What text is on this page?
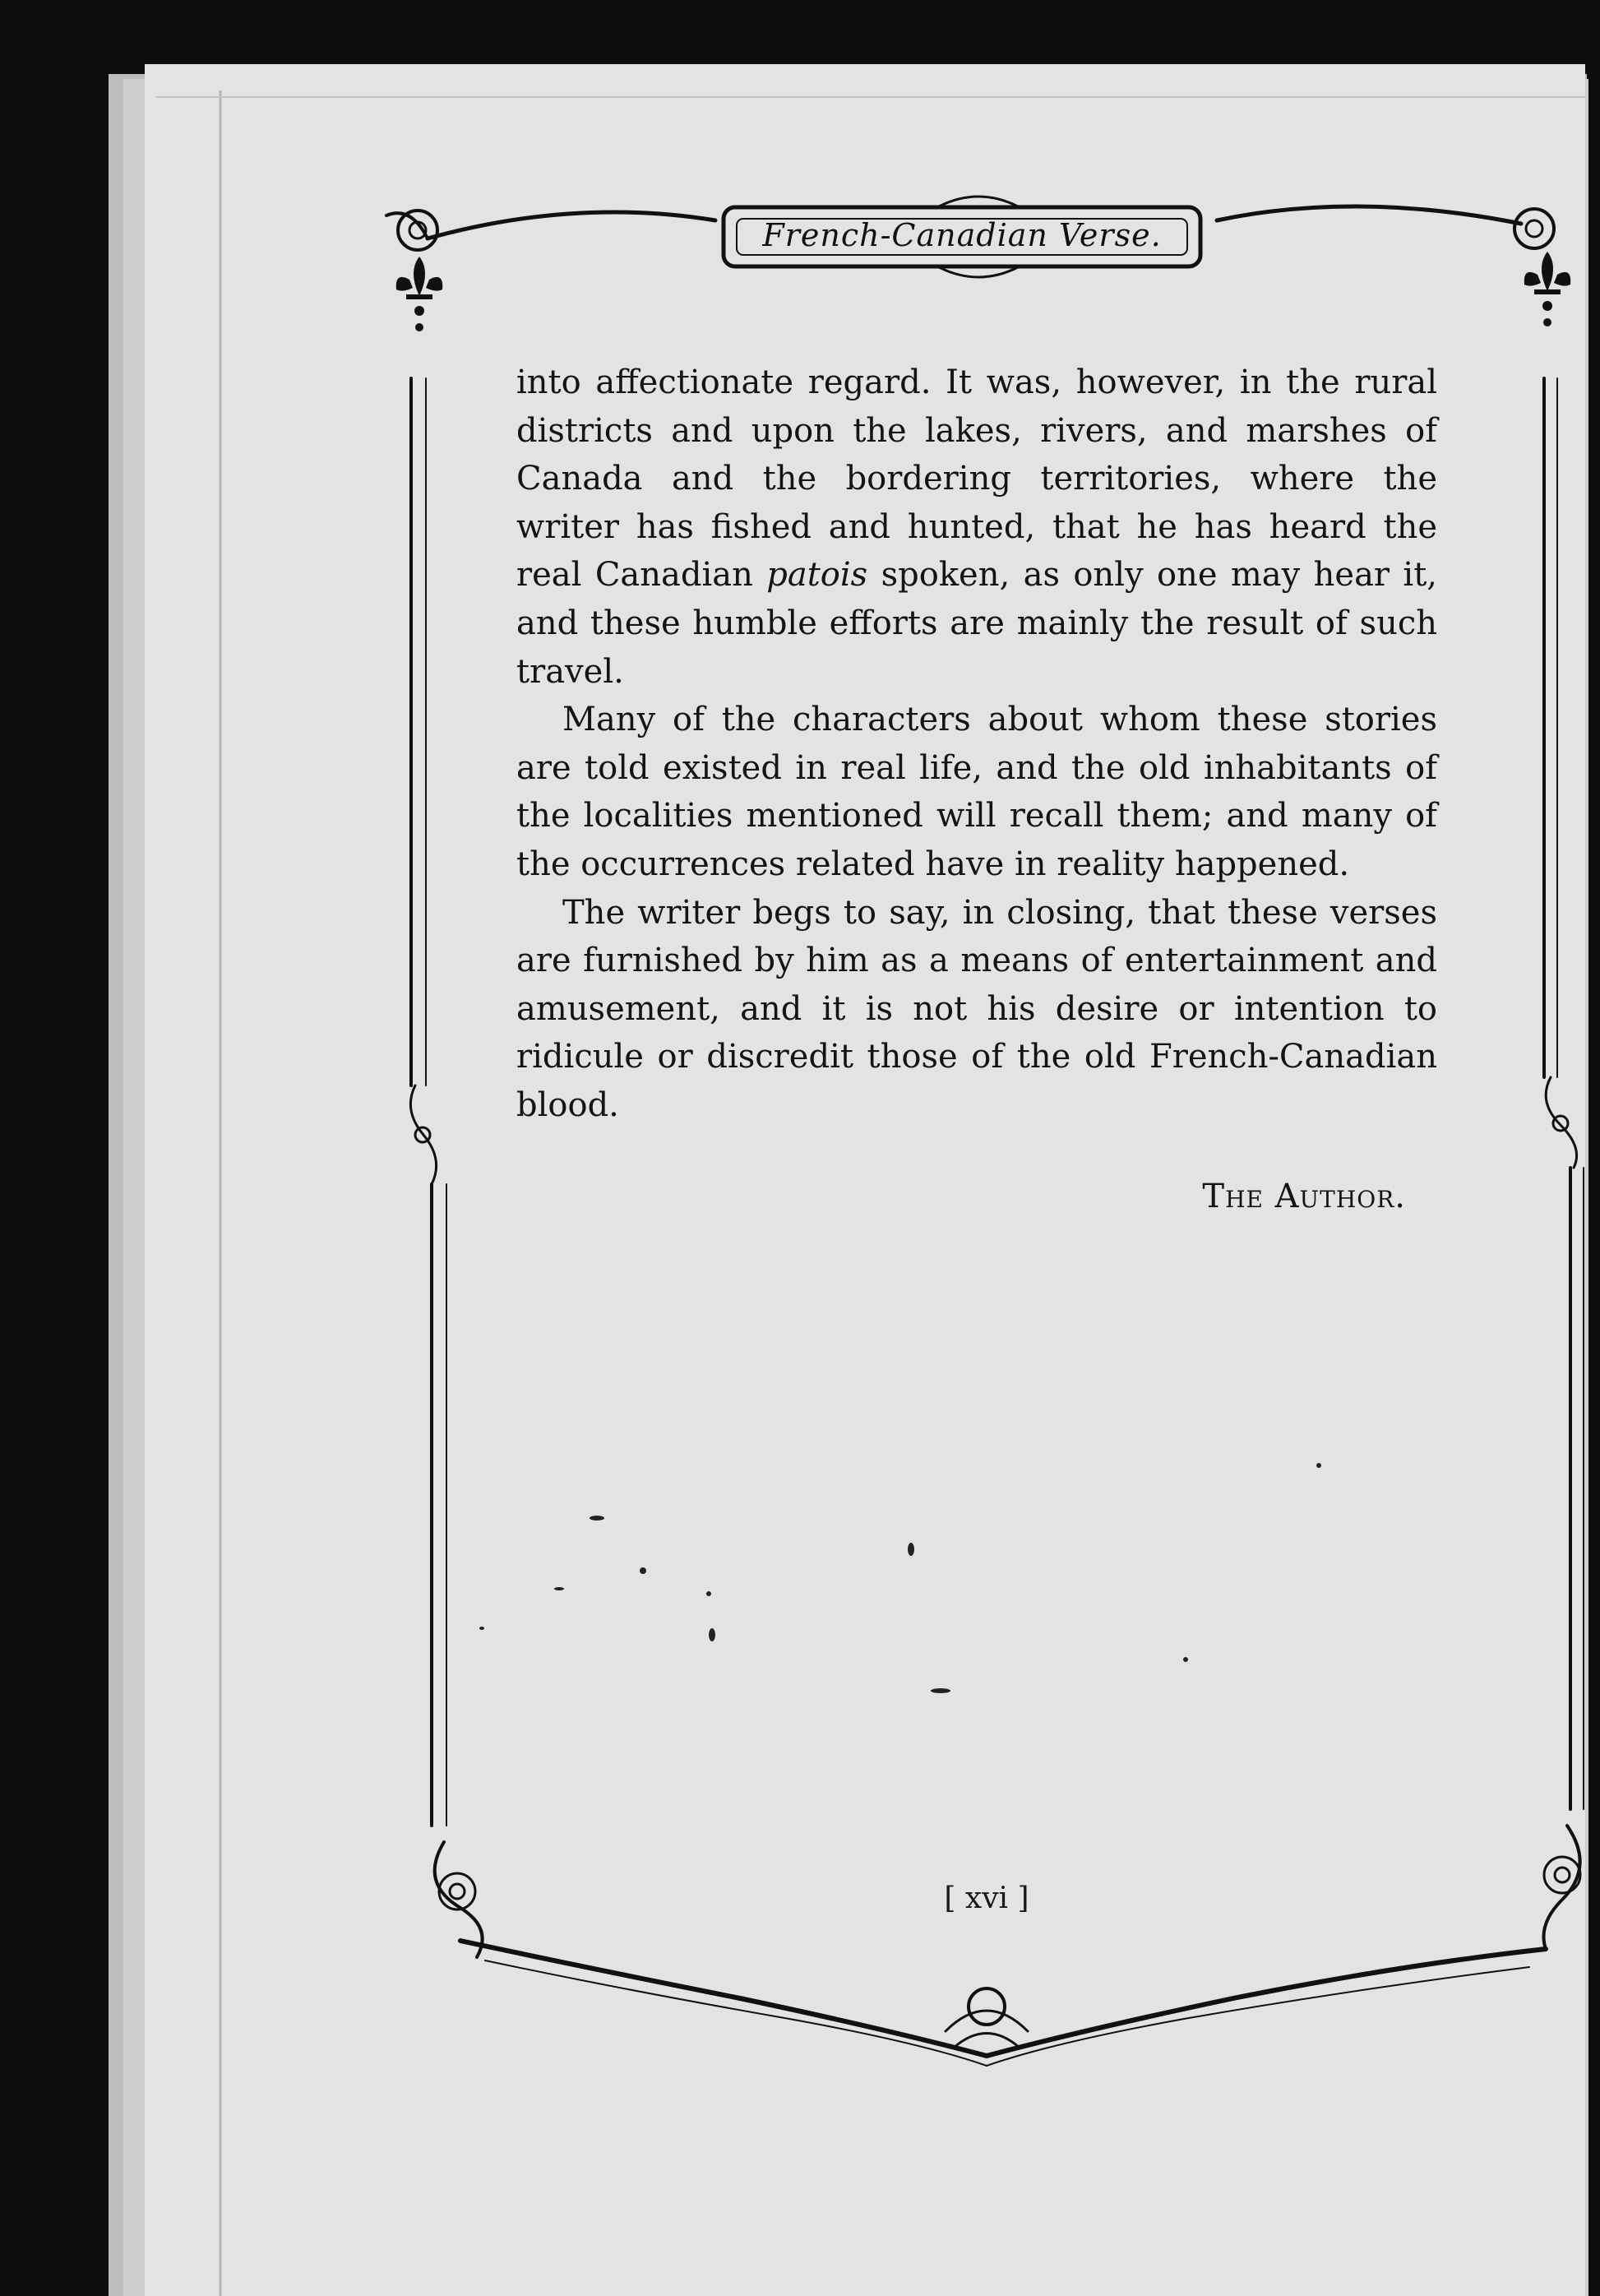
French-Canadian Verse.

into affectionate regard. It was, however, in the rural districts and upon the lakes, rivers, and marshes of Canada and the bordering territories, where the writer has fished and hunted, that he has heard the real Canadian patois spoken, as only one may hear it, and these humble efforts are mainly the result of such travel.

Many of the characters about whom these stories are told existed in real life, and the old inhabitants of the localities mentioned will recall them; and many of the occurrences related have in reality happened.

The writer begs to say, in closing, that these verses are furnished by him as a means of entertainment and amusement, and it is not his desire or intention to ridicule or discredit those of the old French-Canadian blood.

The Author.
[ xvi ]
